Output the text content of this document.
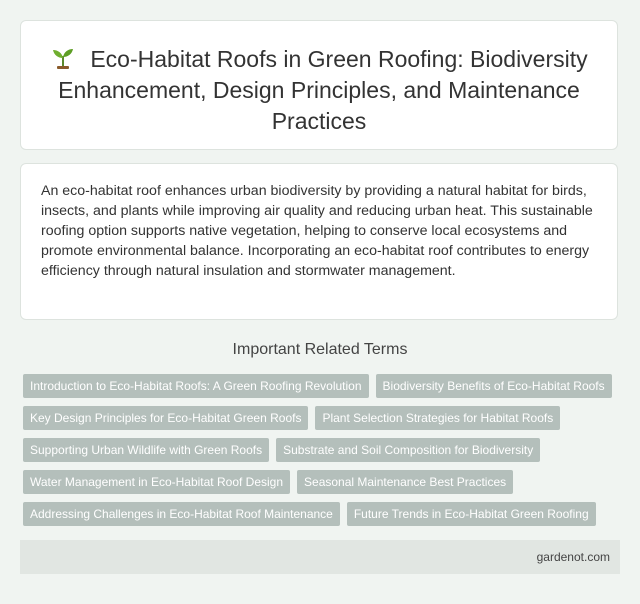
Eco-Habitat Roofs in Green Roofing: Biodiversity Enhancement, Design Principles, and Maintenance Practices

An eco-habitat roof enhances urban biodiversity by providing a natural habitat for birds, insects, and plants while improving air quality and reducing urban heat. This sustainable roofing option supports native vegetation, helping to conserve local ecosystems and promote environmental balance. Incorporating an eco-habitat roof contributes to energy efficiency through natural insulation and stormwater management.

Important Related Terms
Introduction to Eco-Habitat Roofs: A Green Roofing Revolution	Biodiversity Benefits of Eco-Habitat Roofs
Key Design Principles for Eco-Habitat Green Roofs	Plant Selection Strategies for Habitat Roofs
Supporting Urban Wildlife with Green Roofs	Substrate and Soil Composition for Biodiversity
Water Management in Eco-Habitat Roof Design	Seasonal Maintenance Best Practices
Addressing Challenges in Eco-Habitat Roof Maintenance	Future Trends in Eco-Habitat Green Roofing
gardenot.com
